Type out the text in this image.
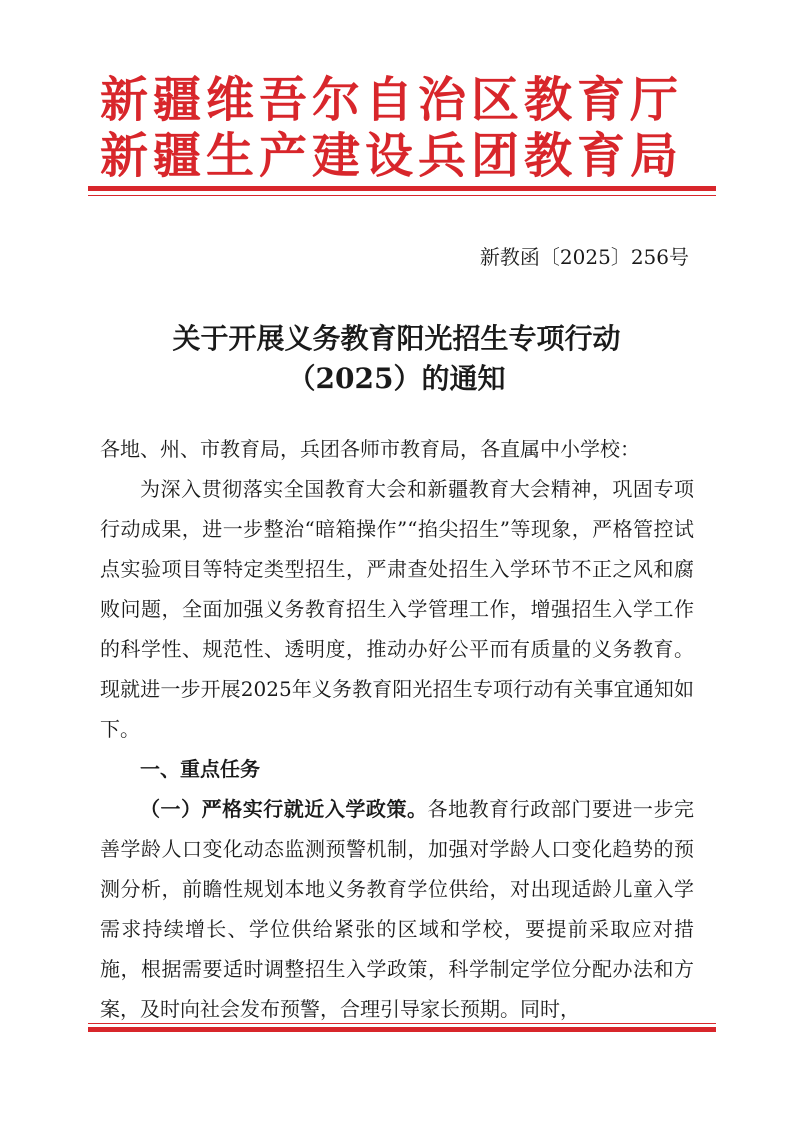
新疆维吾尔自治区教育厅
新疆生产建设兵团教育局
新教函〔2025〕256号
关于开展义务教育阳光招生专项行动
（2025）的通知

各地、州、市教育局，兵团各师市教育局，各直属中小学校：

为深入贯彻落实全国教育大会和新疆教育大会精神，巩固专项行动成果，进一步整治“暗箱操作”“掐尖招生”等现象，严格管控试点实验项目等特定类型招生，严肃查处招生入学环节不正之风和腐败问题，全面加强义务教育招生入学管理工作，增强招生入学工作的科学性、规范性、透明度，推动办好公平而有质量的义务教育。现就进一步开展2025年义务教育阳光招生专项行动有关事宜通知如下。

一、重点任务

（一）严格实行就近入学政策。各地教育行政部门要进一步完善学龄人口变化动态监测预警机制，加强对学龄人口变化趋势的预测分析，前瞻性规划本地义务教育学位供给，对出现适龄儿童入学需求持续增长、学位供给紧张的区域和学校，要提前采取应对措施，根据需要适时调整招生入学政策，科学制定学位分配办法和方案，及时向社会发布预警，合理引导家长预期。同时，
